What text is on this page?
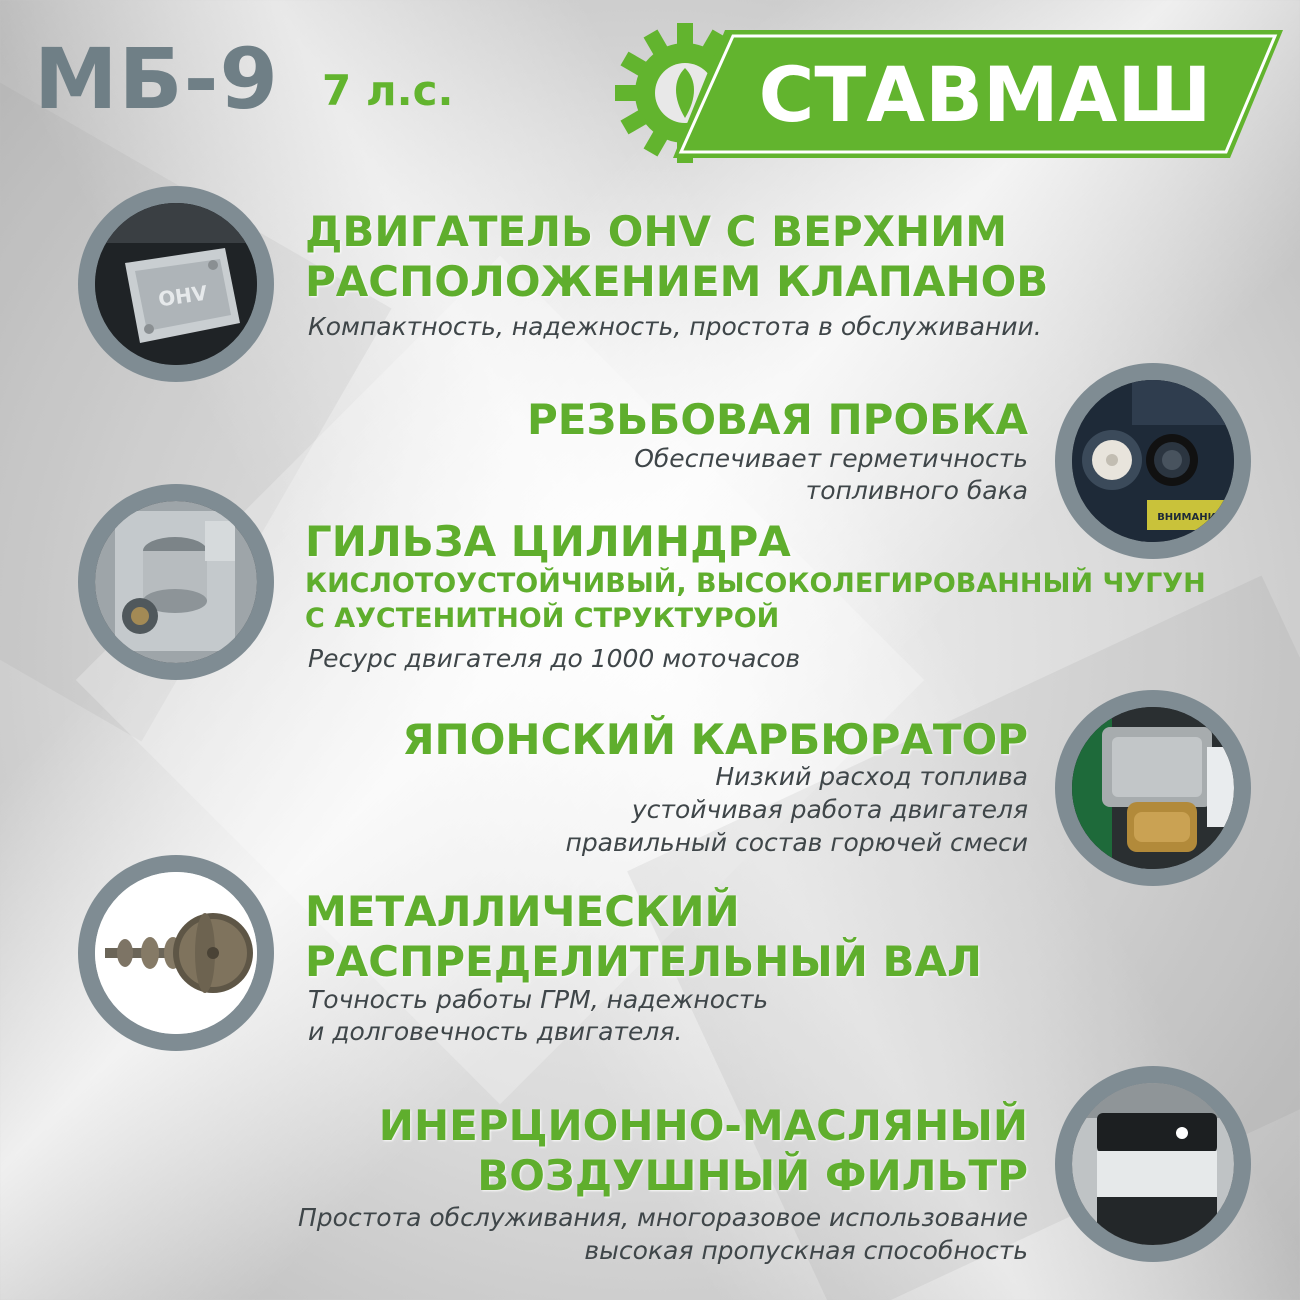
МБ-9 7 л.с.	СТАВМАШ
OHV
ДВИГАТЕЛЬ OHV С ВЕРХНИМ
РАСПОЛОЖЕНИЕМ КЛАПАНОВ
Компактность, надежность, простота в обслуживании.
ВНИМАНИЕ
РЕЗЬБОВАЯ ПРОБКА
Обеспечивает герметичность
топливного бака
ГИЛЬЗА ЦИЛИНДРА
КИСЛОТОУСТОЙЧИВЫЙ, ВЫСОКОЛЕГИРОВАННЫЙ ЧУГУН
С АУСТЕНИТНОЙ СТРУКТУРОЙ
Ресурс двигателя до 1000 моточасов
ЯПОНСКИЙ КАРБЮРАТОР
Низкий расход топлива
устойчивая работа двигателя
правильный состав горючей смеси
МЕТАЛЛИЧЕСКИЙ
РАСПРЕДЕЛИТЕЛЬНЫЙ ВАЛ
Точность работы ГРМ, надежность
и долговечность двигателя.
ИНЕРЦИОННО-МАСЛЯНЫЙ
ВОЗДУШНЫЙ ФИЛЬТР
Простота обслуживания, многоразовое использование
высокая пропускная способность
